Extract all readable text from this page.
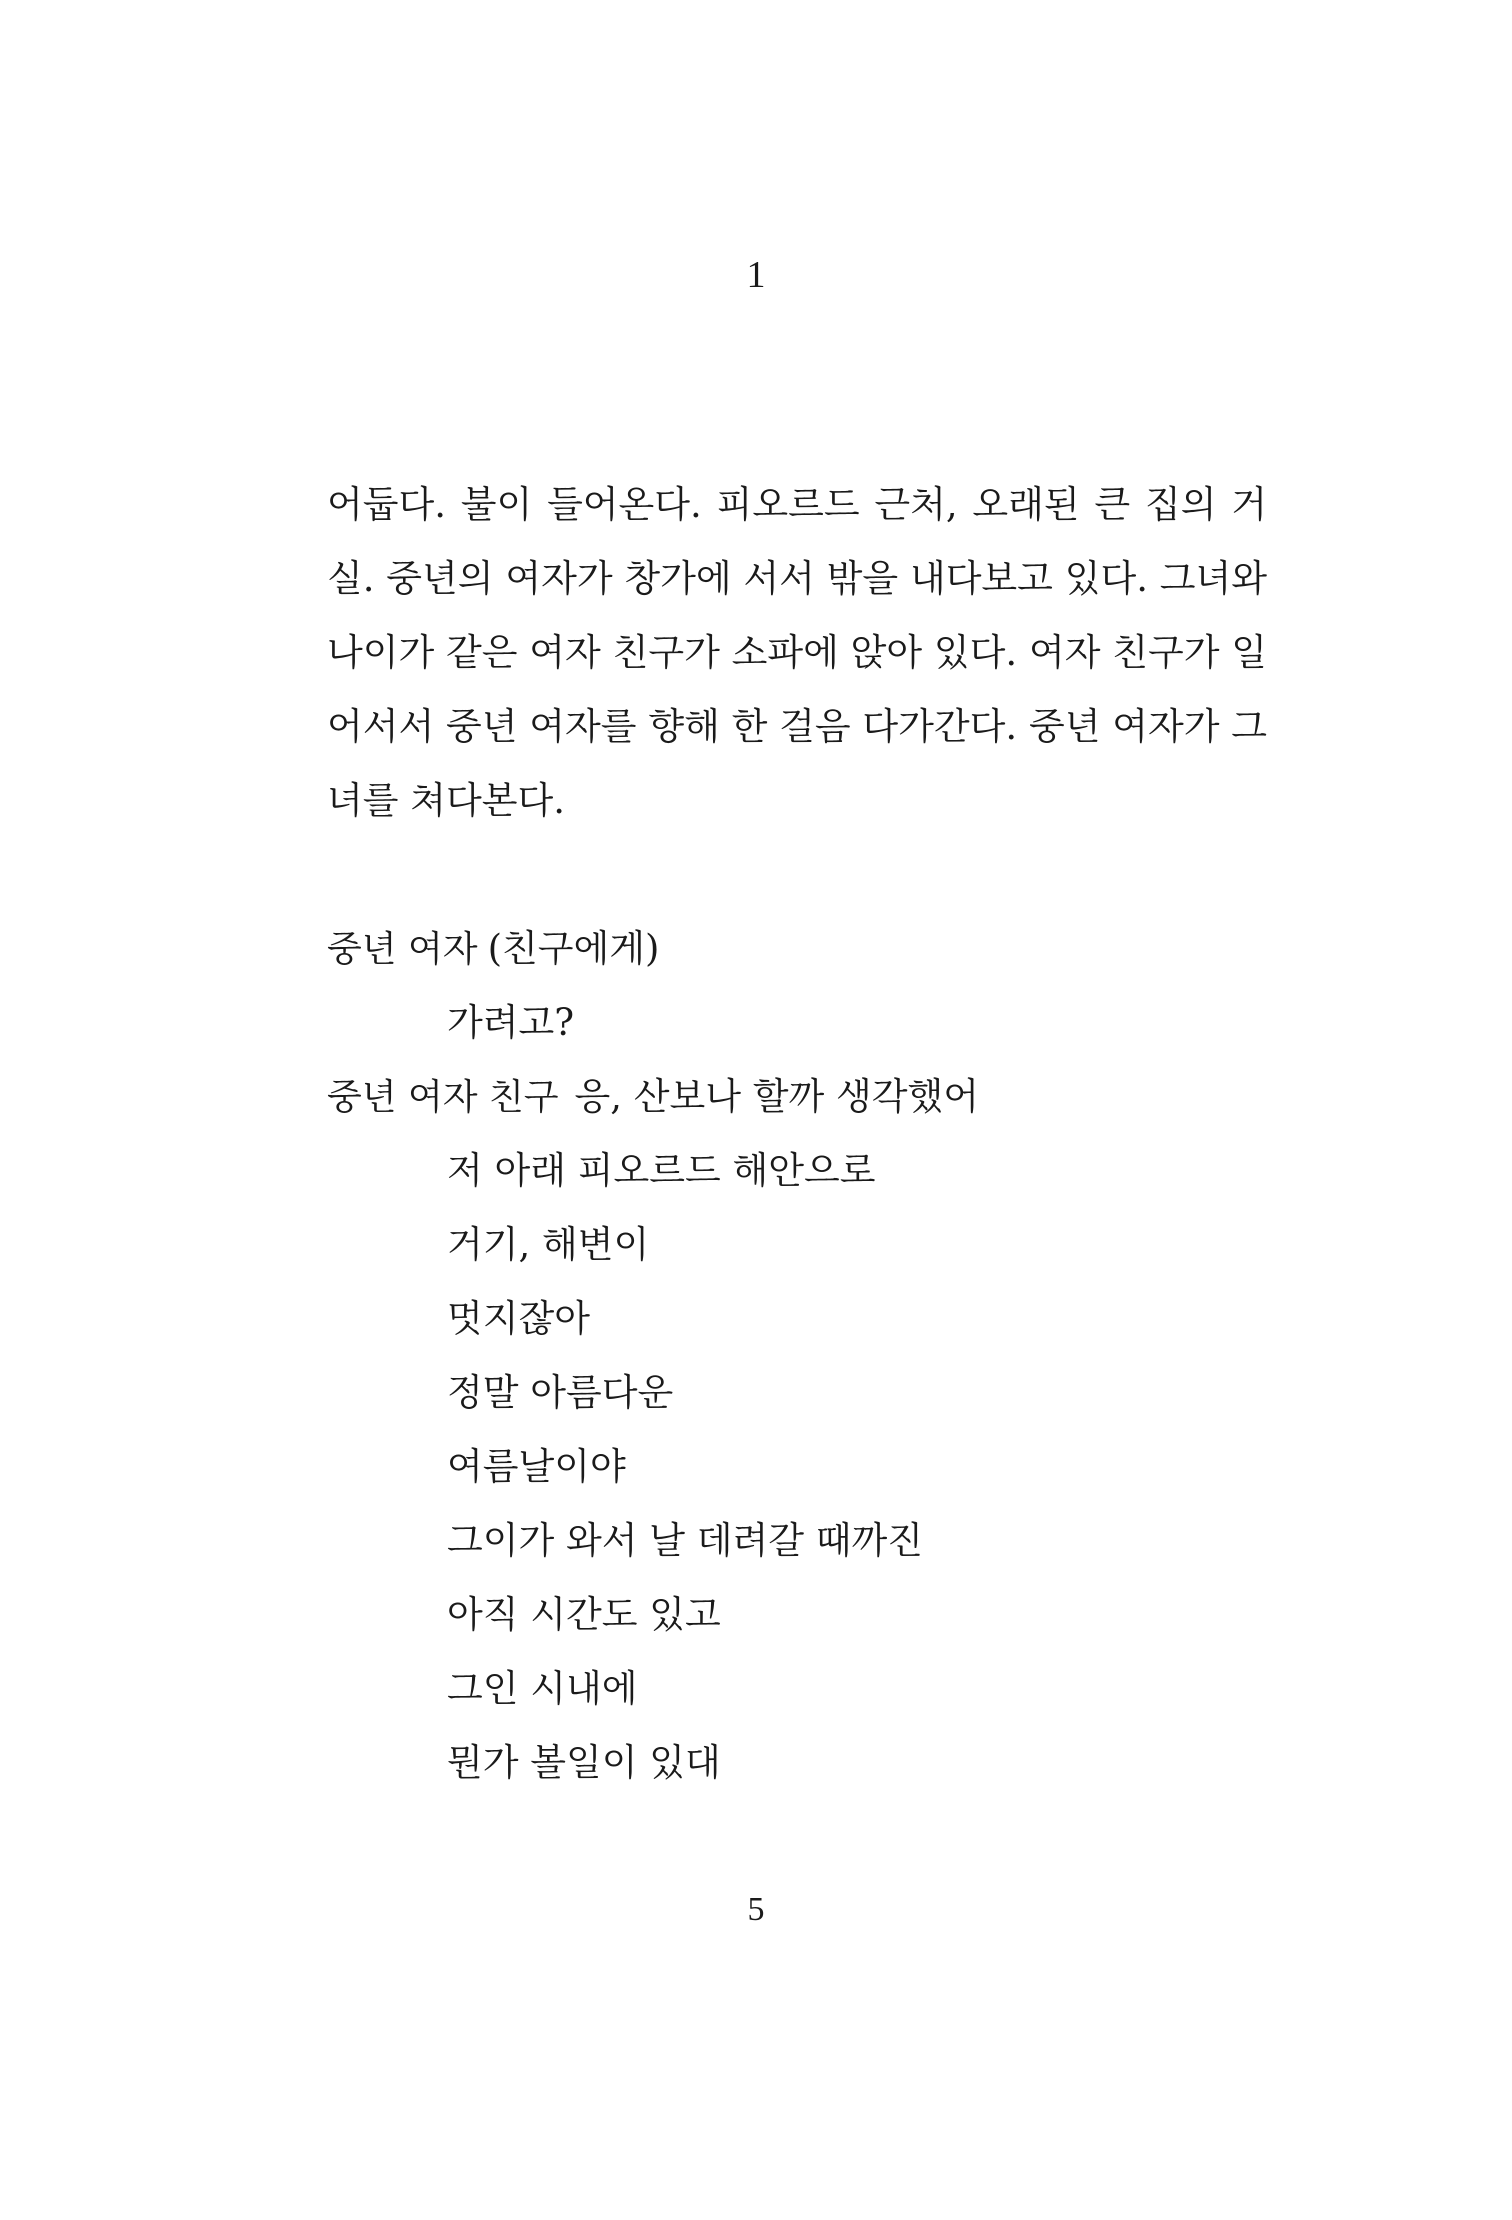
1

어둡다. 불이 들어온다. 피오르드 근처, 오래된 큰 집의 거실. 중년의 여자가 창가에 서서 밖을 내다보고 있다. 그녀와 나이가 같은 여자 친구가 소파에 앉아 있다. 여자 친구가 일어서서 중년 여자를 향해 한 걸음 다가간다. 중년 여자가 그녀를 쳐다본다.

중년 여자 (친구에게)
가려고?
중년 여자 친구 응, 산보나 할까 생각했어
저 아래 피오르드 해안으로
거기, 해변이
멋지잖아
정말 아름다운
여름날이야
그이가 와서 날 데려갈 때까진
아직 시간도 있고
그인 시내에
뭔가 볼일이 있대
5
